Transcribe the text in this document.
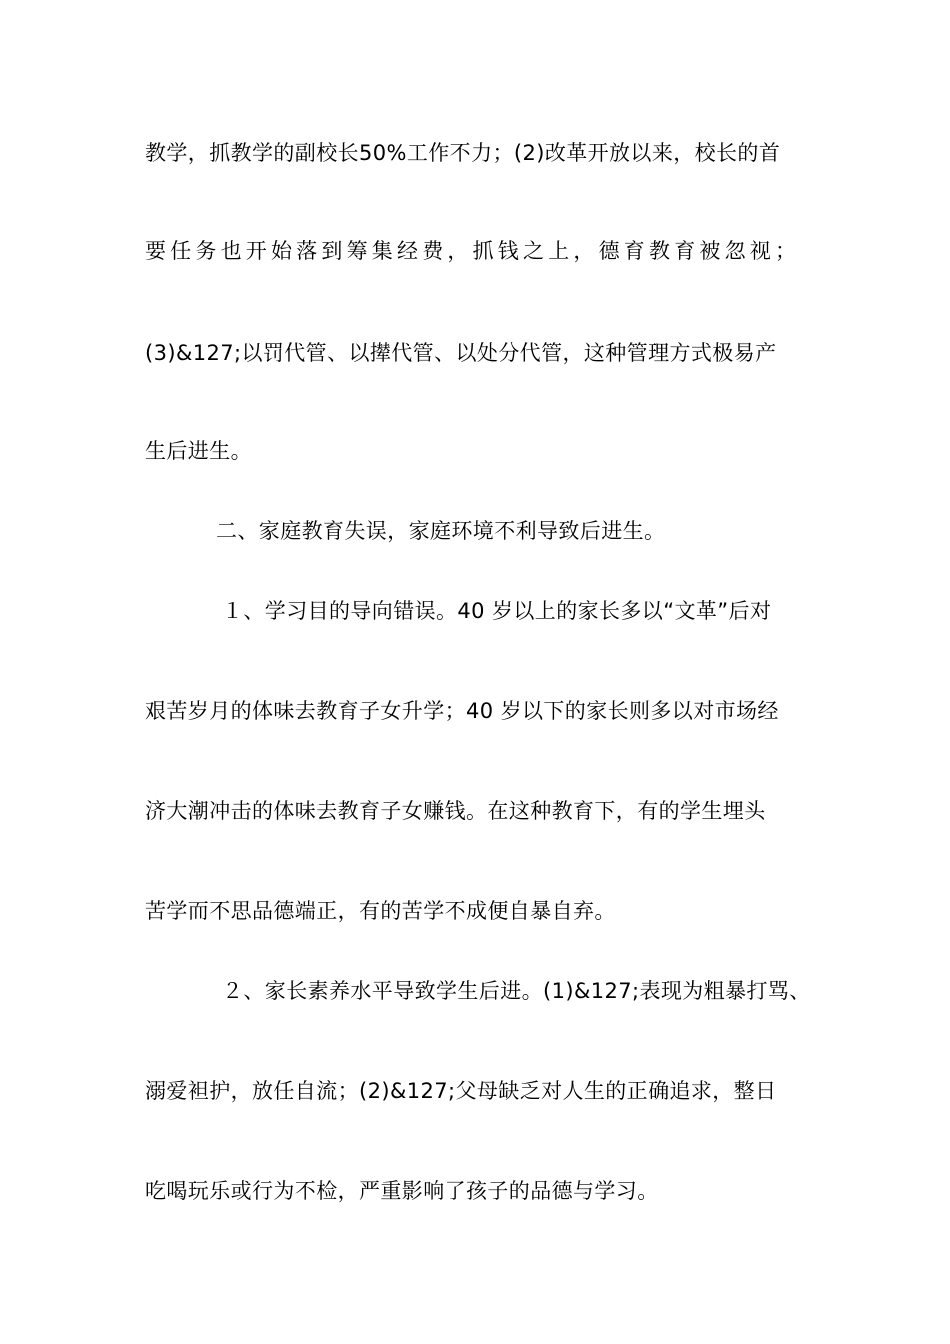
教学，抓教学的副校长50%工作不力；(2)改革开放以来，校长的首
要任务也开始落到筹集经费，抓钱之上，德育教育被忽视；
(3)&127;以罚代管、以撵代管、以处分代管，这种管理方式极易产
生后进生。
二、家庭教育失误，家庭环境不利导致后进生。
１、学习目的导向错误。40 岁以上的家长多以“文革”后对
艰苦岁月的体味去教育子女升学；40 岁以下的家长则多以对市场经
济大潮冲击的体味去教育子女赚钱。在这种教育下，有的学生埋头
苦学而不思品德端正，有的苦学不成便自暴自弃。
２、家长素养水平导致学生后进。(1)&127;表现为粗暴打骂、
溺爱袒护，放任自流；(2)&127;父母缺乏对人生的正确追求，整日
吃喝玩乐或行为不检，严重影响了孩子的品德与学习。
